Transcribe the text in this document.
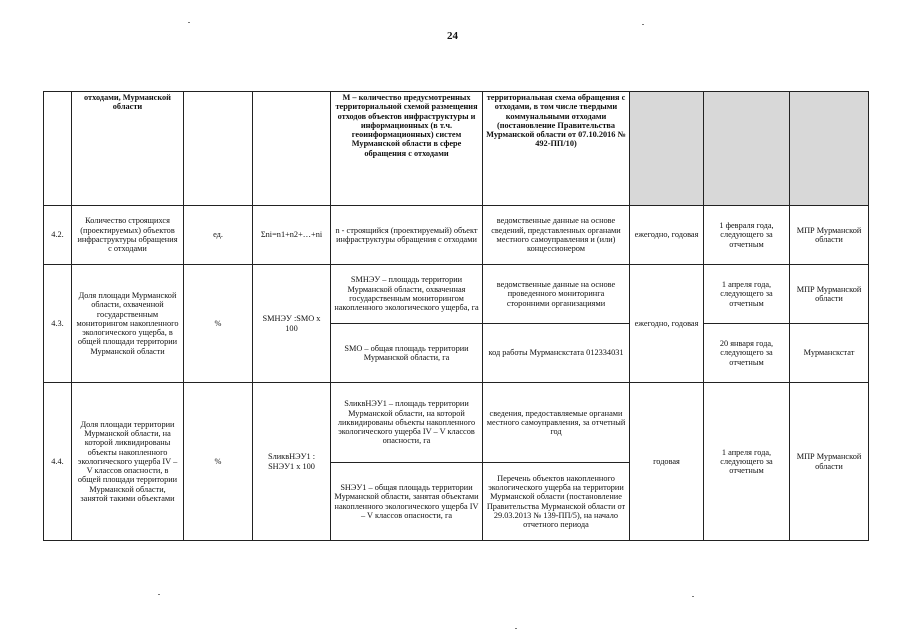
24
	отходами, Мурманской области			M – количество предусмотренных территориальной схемой размещения отходов объектов инфраструктуры и информационных (в т.ч. геоинформационных) систем Мурманской области в сфере обращения с отходами	территориальная схема обращения с отходами, в том числе твердыми коммунальными отходами (постановление Правительства Мурманской области от 07.10.2016 № 492-ПП/10)			
4.2.	Количество строящихся (проектируемых) объектов инфраструктуры обращения с отходами	ед.	Σni=n1+n2+…+ni	n - строящийся (проектируемый) объект инфраструктуры обращения с отходами	ведомственные данные на основе сведений, представленных органами местного самоуправления и (или) концессионером	ежегодно, годовая	1 февраля года, следующего за отчетным	МПР Мурманской области
4.3.	Доля площади Мурманской области, охваченной государственным мониторингом накопленного экологического ущерба, в общей площади территории Мурманской области	%	SМНЭУ :SМО х 100	SМНЭУ – площадь территории Мурманской области, охваченная государственным мониторингом накопленного экологического ущерба, га	ведомственные данные на основе проведенного мониторинга сторонними организациями	ежегодно, годовая	1 апреля года, следующего за отчетным	МПР Мурманской области
				SМО – общая площадь территории Мурманской области, га	код работы Мурманскстата 012334031		20 января года, следующего за отчетным	Мурманскстат
4.4.	Доля площади территории Мурманской области, на которой ликвидированы объекты накопленного экологического ущерба IV – V классов опасности, в общей площади территории Мурманской области, занятой такими объектами	%	SликвНЭУ1 : SНЭУ1 х 100	SликвНЭУ1 – площадь территории Мурманской области, на которой ликвидированы объекты накопленного экологического ущерба IV – V классов опасности, га	сведения, предоставляемые органами местного самоуправления, за отчетный год	годовая	1 апреля года, следующего за отчетным	МПР Мурманской области
				SНЭУ1 – общая площадь территории Мурманской области, занятая объектами накопленного экологического ущерба IV – V классов опасности, га	Перечень объектов накопленного экологического ущерба на территории Мурманской области (постановление Правительства Мурманской области от 29.03.2013 № 139-ПП/5), на начало отчетного периода			
